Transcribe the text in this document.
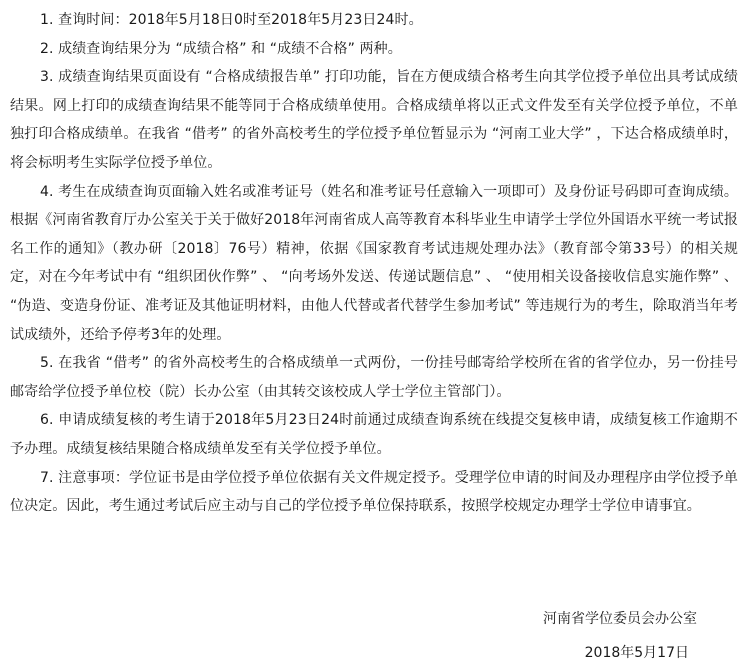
1. 查询时间：2018年5月18日0时至2018年5月23日24时。

2. 成绩查询结果分为 “成绩合格” 和 “成绩不合格” 两种。

3. 成绩查询结果页面设有 “合格成绩报告单” 打印功能，旨在方便成绩合格考生向其学位授予单位出具考试成绩结果。网上打印的成绩查询结果不能等同于合格成绩单使用。合格成绩单将以正式文件发至有关学位授予单位，不单独打印合格成绩单。在我省 “借考” 的省外高校考生的学位授予单位暂显示为 “河南工业大学” ，下达合格成绩单时，将会标明考生实际学位授予单位。

4. 考生在成绩查询页面输入姓名或准考证号（姓名和准考证号任意输入一项即可）及身份证号码即可查询成绩。根据《河南省教育厅办公室关于关于做好2018年河南省成人高等教育本科毕业生申请学士学位外国语水平统一考试报名工作的通知》（教办研〔2018〕76号）精神，依据《国家教育考试违规处理办法》（教育部令第33号）的相关规定，对在今年考试中有 “组织团伙作弊” 、 “向考场外发送、传递试题信息” 、 “使用相关设备接收信息实施作弊” 、 “伪造、变造身份证、准考证及其他证明材料，由他人代替或者代替学生参加考试” 等违规行为的考生，除取消当年考试成绩外，还给予停考3年的处理。

5. 在我省 “借考” 的省外高校考生的合格成绩单一式两份，一份挂号邮寄给学校所在省的省学位办，另一份挂号邮寄给学位授予单位校（院）长办公室（由其转交该校成人学士学位主管部门）。

6. 申请成绩复核的考生请于2018年5月23日24时前通过成绩查询系统在线提交复核申请，成绩复核工作逾期不予办理。成绩复核结果随合格成绩单发至有关学位授予单位。

7. 注意事项：学位证书是由学位授予单位依据有关文件规定授予。受理学位申请的时间及办理程序由学位授予单位决定。因此，考生通过考试后应主动与自己的学位授予单位保持联系，按照学校规定办理学士学位申请事宜。

河南省学位委员会办公室
2018年5月17日
